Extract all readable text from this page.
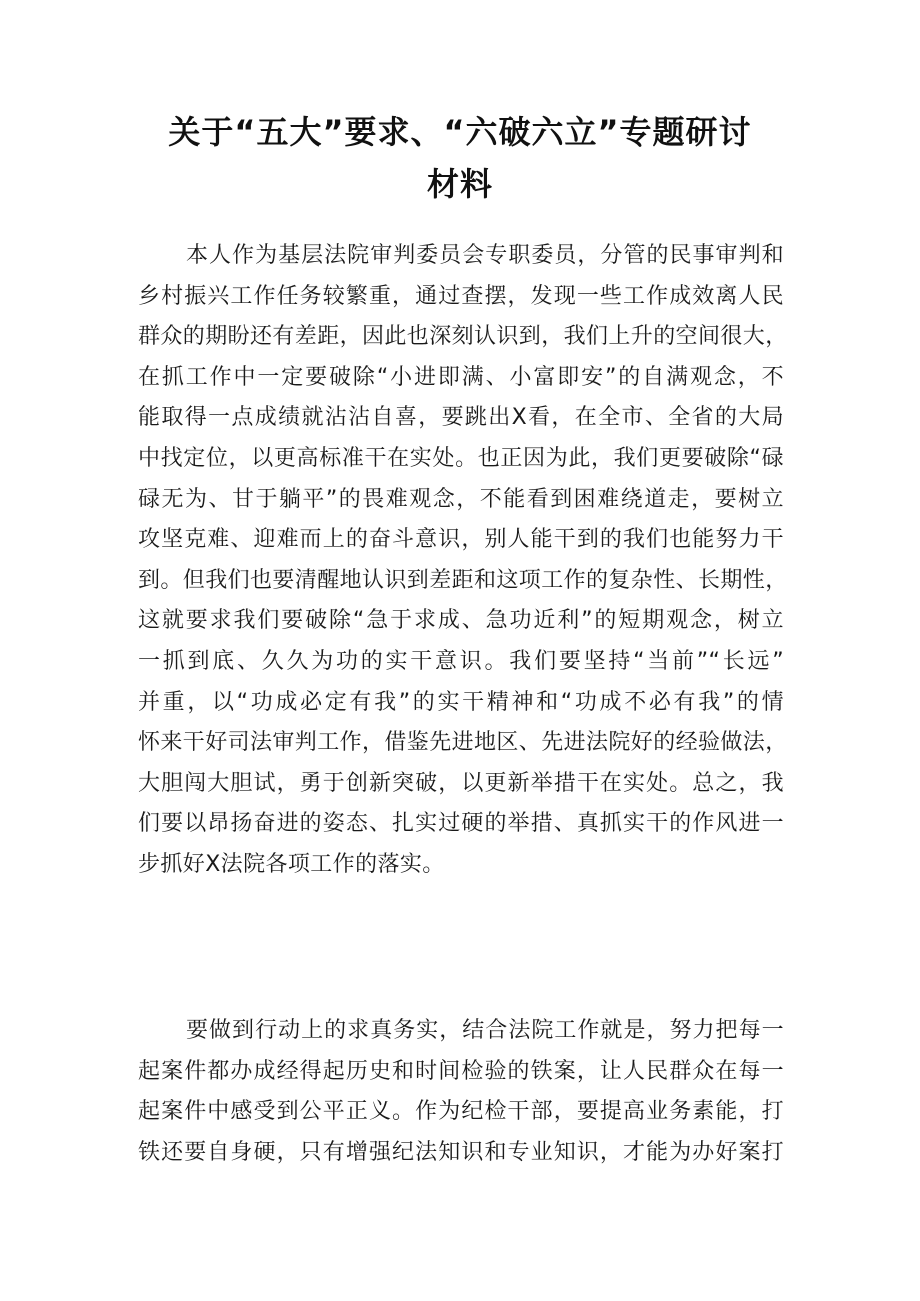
关于“五大”要求、“六破六立”专题研讨
材料
本人作为基层法院审判委员会专职委员，分管的民事审判和
乡村振兴工作任务较繁重，通过查摆，发现一些工作成效离人民
群众的期盼还有差距，因此也深刻认识到，我们上升的空间很大，
在抓工作中一定要破除“小进即满、小富即安”的自满观念，不
能取得一点成绩就沾沾自喜，要跳出X看，在全市、全省的大局
中找定位，以更高标准干在实处。也正因为此，我们更要破除“碌
碌无为、甘于躺平”的畏难观念，不能看到困难绕道走，要树立
攻坚克难、迎难而上的奋斗意识，别人能干到的我们也能努力干
到。但我们也要清醒地认识到差距和这项工作的复杂性、长期性，
这就要求我们要破除“急于求成、急功近利”的短期观念，树立
一抓到底、久久为功的实干意识。我们要坚持“当前”“长远”
并重，以“功成必定有我”的实干精神和“功成不必有我”的情
怀来干好司法审判工作，借鉴先进地区、先进法院好的经验做法，
大胆闯大胆试，勇于创新突破，以更新举措干在实处。总之，我
们要以昂扬奋进的姿态、扎实过硬的举措、真抓实干的作风进一
步抓好X法院各项工作的落实。
要做到行动上的求真务实，结合法院工作就是，努力把每一
起案件都办成经得起历史和时间检验的铁案，让人民群众在每一
起案件中感受到公平正义。作为纪检干部，要提高业务素能，打
铁还要自身硬，只有增强纪法知识和专业知识，才能为办好案打
